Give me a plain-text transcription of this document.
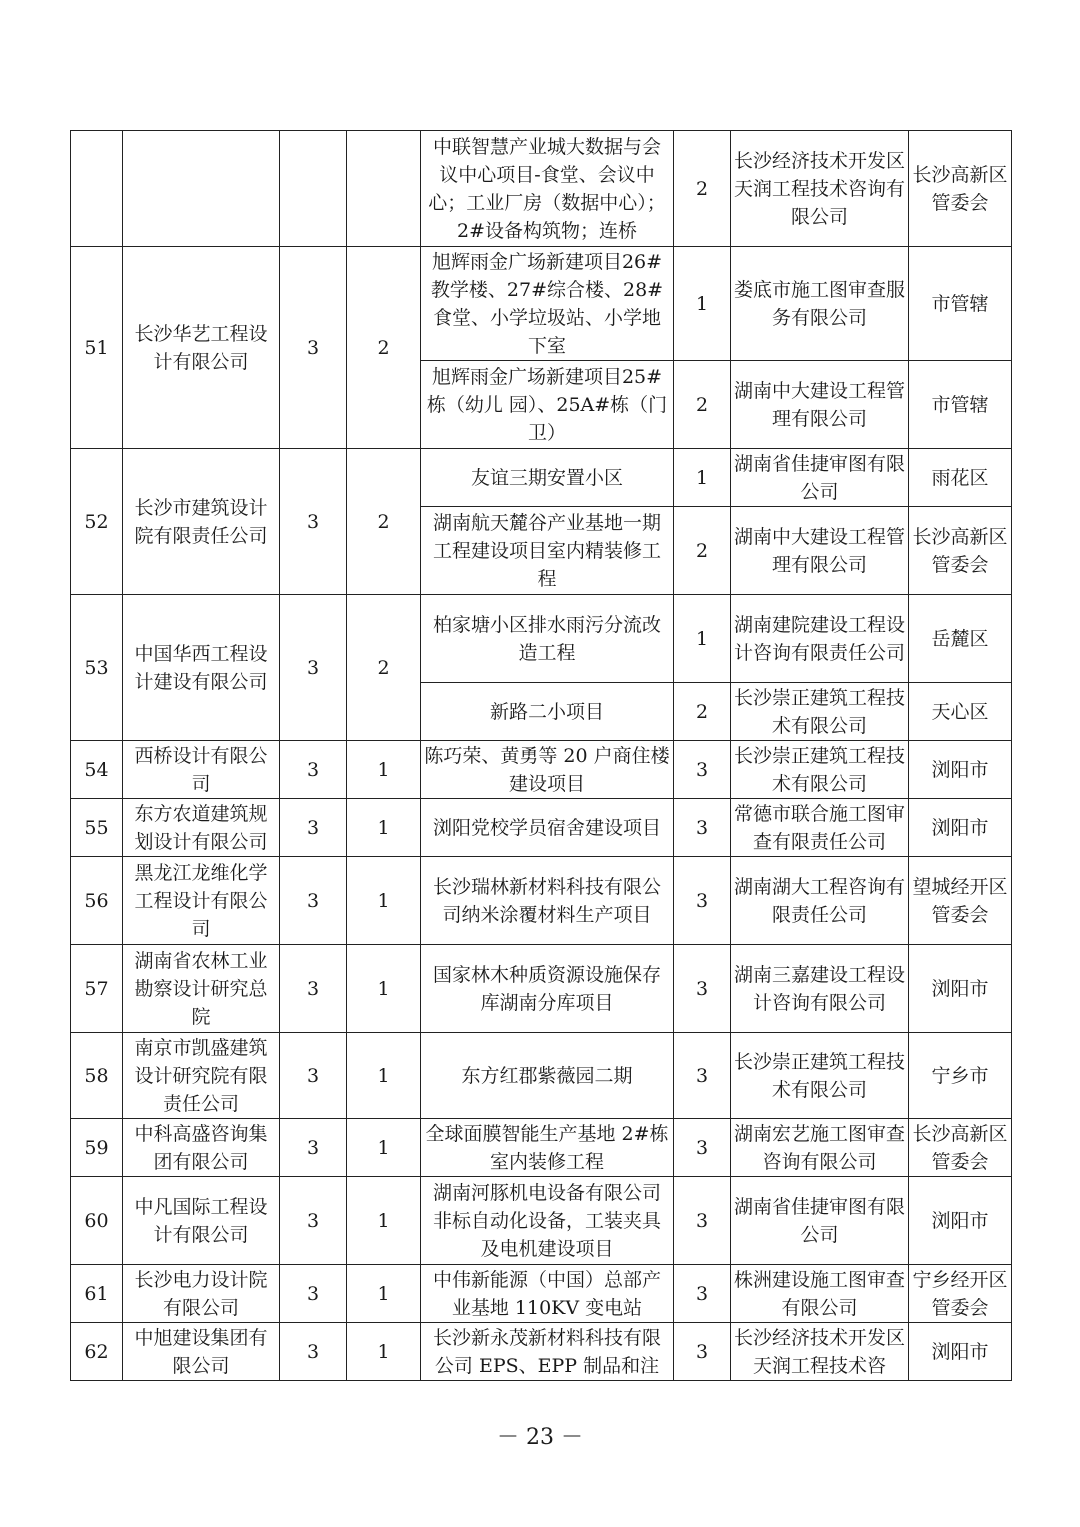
				中联智慧产业城大数据与会议中心项目-食堂、会议中心；工业厂房（数据中心）；2#设备构筑物；连桥	2	长沙经济技术开发区天润工程技术咨询有限公司	长沙高新区管委会
51	长沙华艺工程设计有限公司	3	2	旭辉雨金广场新建项目26#教学楼、27#综合楼、28#食堂、小学垃圾站、小学地下室	1	娄底市施工图审查服务有限公司	市管辖
				旭辉雨金广场新建项目25#栋（幼儿 园）、25A#栋（门卫）	2	湖南中大建设工程管理有限公司	市管辖
52	长沙市建筑设计院有限责任公司	3	2	友谊三期安置小区	1	湖南省佳捷审图有限公司	雨花区
				湖南航天麓谷产业基地一期工程建设项目室内精装修工程	2	湖南中大建设工程管理有限公司	长沙高新区管委会
53	中国华西工程设计建设有限公司	3	2	柏家塘小区排水雨污分流改造工程	1	湖南建院建设工程设计咨询有限责任公司	岳麓区
				新路二小项目	2	长沙崇正建筑工程技术有限公司	天心区
54	西桥设计有限公司	3	1	陈巧荣、黄勇等 20 户商住楼建设项目	3	长沙崇正建筑工程技术有限公司	浏阳市
55	东方农道建筑规划设计有限公司	3	1	浏阳党校学员宿舍建设项目	3	常德市联合施工图审查有限责任公司	浏阳市
56	黑龙江龙维化学工程设计有限公司	3	1	长沙瑞林新材料科技有限公司纳米涂覆材料生产项目	3	湖南湖大工程咨询有限责任公司	望城经开区管委会
57	湖南省农林工业勘察设计研究总院	3	1	国家林木种质资源设施保存库湖南分库项目	3	湖南三嘉建设工程设计咨询有限公司	浏阳市
58	南京市凯盛建筑设计研究院有限责任公司	3	1	东方红郡紫薇园二期	3	长沙崇正建筑工程技术有限公司	宁乡市
59	中科高盛咨询集团有限公司	3	1	全球面膜智能生产基地 2#栋室内装修工程	3	湖南宏艺施工图审查咨询有限公司	长沙高新区管委会
60	中凡国际工程设计有限公司	3	1	湖南河豚机电设备有限公司非标自动化设备，工装夹具及电机建设项目	3	湖南省佳捷审图有限公司	浏阳市
61	长沙电力设计院有限公司	3	1	中伟新能源（中国）总部产业基地 110KV 变电站	3	株洲建设施工图审查有限公司	宁乡经开区管委会
62	中旭建设集团有限公司	3	1	长沙新永茂新材料科技有限公司 EPS、EPP 制品和注	3	长沙经济技术开发区天润工程技术咨	浏阳市
－ 23 －
